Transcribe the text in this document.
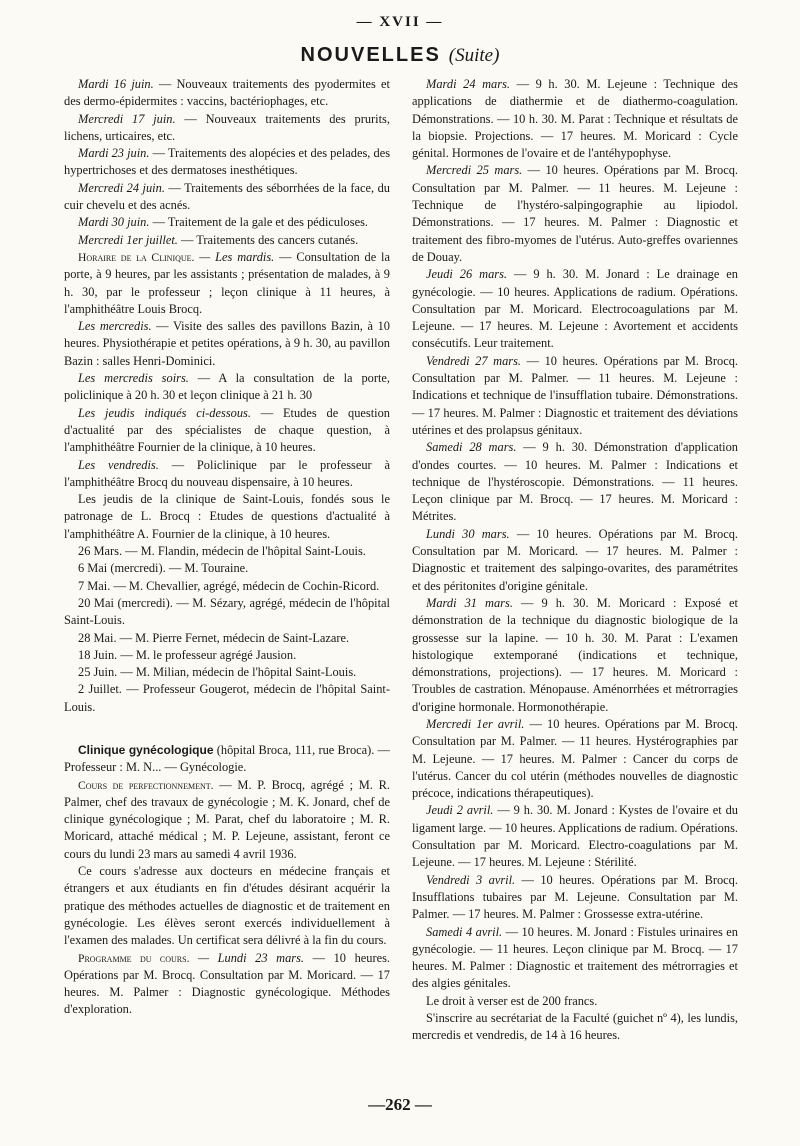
— XVII —
NOUVELLES (Suite)

Mardi 16 juin. — Nouveaux traitements des pyodermites et des dermo-épidermites : vaccins, bactériophages, etc.

Mercredi 17 juin. — Nouveaux traitements des prurits, lichens, urticaires, etc.

Mardi 23 juin. — Traitements des alopécies et des pelades, des hypertrichoses et des dermatoses inesthétiques.

Mercredi 24 juin. — Traitements des séborrhées de la face, du cuir chevelu et des acnés.

Mardi 30 juin. — Traitement de la gale et des pédiculoses.

Mercredi 1er juillet. — Traitements des cancers cutanés.

Horaire de la Clinique. — Les mardis. — Consultation de la porte, à 9 heures, par les assistants ; présentation de malades, à 9 h. 30, par le professeur ; leçon clinique à 11 heures, à l'amphithéâtre Louis Brocq.

Les mercredis. — Visite des salles des pavillons Bazin, à 10 heures. Physiothérapie et petites opérations, à 9 h. 30, au pavillon Bazin : salles Henri-Dominici.

Les mercredis soirs. — A la consultation de la porte, policlinique à 20 h. 30 et leçon clinique à 21 h. 30

Les jeudis indiqués ci-dessous. — Etudes de question d'actualité par des spécialistes de chaque question, à l'amphithéâtre Fournier de la clinique, à 10 heures.

Les vendredis. — Policlinique par le professeur à l'amphithéâtre Brocq du nouveau dispensaire, à 10 heures.

Les jeudis de la clinique de Saint-Louis, fondés sous le patronage de L. Brocq : Etudes de questions d'actualité à l'amphithéâtre A. Fournier de la clinique, à 10 heures.

26 Mars. — M. Flandin, médecin de l'hôpital Saint-Louis.

6 Mai (mercredi). — M. Touraine.

7 Mai. — M. Chevallier, agrégé, médecin de Cochin-Ricord.

20 Mai (mercredi). — M. Sézary, agrégé, médecin de l'hôpital Saint-Louis.

28 Mai. — M. Pierre Fernet, médecin de Saint-Lazare.

18 Juin. — M. le professeur agrégé Jausion.

25 Juin. — M. Milian, médecin de l'hôpital Saint-Louis.

2 Juillet. — Professeur Gougerot, médecin de l'hôpital Saint-Louis.

Clinique gynécologique (hôpital Broca, 111, rue Broca). — Professeur : M. N... — Gynécologie.

Cours de perfectionnement. — M. P. Brocq, agrégé ; M. R. Palmer, chef des travaux de gynécologie ; M. K. Jonard, chef de clinique gynécologique ; M. Parat, chef du laboratoire ; M. R. Moricard, attaché médical ; M. P. Lejeune, assistant, feront ce cours du lundi 23 mars au samedi 4 avril 1936.

Ce cours s'adresse aux docteurs en médecine français et étrangers et aux étudiants en fin d'études désirant acquérir la pratique des méthodes actuelles de diagnostic et de traitement en gynécologie. Les élèves seront exercés individuellement à l'examen des malades. Un certificat sera délivré à la fin du cours.

Programme du cours. — Lundi 23 mars. — 10 heures. Opérations par M. Brocq. Consultation par M. Moricard. — 17 heures. M. Palmer : Diagnostic gynécologique. Méthodes d'exploration.

Mardi 24 mars. — 9 h. 30. M. Lejeune : Technique des applications de diathermie et de diathermo-coagulation. Démonstrations. — 10 h. 30. M. Parat : Technique et résultats de la biopsie. Projections. — 17 heures. M. Moricard : Cycle génital. Hormones de l'ovaire et de l'antéhypophyse.

Mercredi 25 mars. — 10 heures. Opérations par M. Brocq. Consultation par M. Palmer. — 11 heures. M. Lejeune : Technique de l'hystéro-salpingographie au lipiodol. Démonstrations. — 17 heures. M. Palmer : Diagnostic et traitement des fibro-myomes de l'utérus. Auto-greffes ovariennes de Douay.

Jeudi 26 mars. — 9 h. 30. M. Jonard : Le drainage en gynécologie. — 10 heures. Applications de radium. Opérations. Consultation par M. Moricard. Electrocoagulations par M. Lejeune. — 17 heures. M. Lejeune : Avortement et accidents consécutifs. Leur traitement.

Vendredi 27 mars. — 10 heures. Opérations par M. Brocq. Consultation par M. Palmer. — 11 heures. M. Lejeune : Indications et technique de l'insufflation tubaire. Démonstrations. — 17 heures. M. Palmer : Diagnostic et traitement des déviations utérines et des prolapsus génitaux.

Samedi 28 mars. — 9 h. 30. Démonstration d'application d'ondes courtes. — 10 heures. M. Palmer : Indications et technique de l'hystéroscopie. Démonstrations. — 11 heures. Leçon clinique par M. Brocq. — 17 heures. M. Moricard : Métrites.

Lundi 30 mars. — 10 heures. Opérations par M. Brocq. Consultation par M. Moricard. — 17 heures. M. Palmer : Diagnostic et traitement des salpingo-ovarites, des paramétrites et des péritonites d'origine génitale.

Mardi 31 mars. — 9 h. 30. M. Moricard : Exposé et démonstration de la technique du diagnostic biologique de la grossesse sur la lapine. — 10 h. 30. M. Parat : L'examen histologique extemporané (indications et technique, démonstrations, projections). — 17 heures. M. Moricard : Troubles de castration. Ménopause. Aménorrhées et métrorragies d'origine hormonale. Hormonothérapie.

Mercredi 1er avril. — 10 heures. Opérations par M. Brocq. Consultation par M. Palmer. — 11 heures. Hystérographies par M. Lejeune. — 17 heures. M. Palmer : Cancer du corps de l'utérus. Cancer du col utérin (méthodes nouvelles de diagnostic précoce, indications thérapeutiques).

Jeudi 2 avril. — 9 h. 30. M. Jonard : Kystes de l'ovaire et du ligament large. — 10 heures. Applications de radium. Opérations. Consultation par M. Moricard. Electro-coagulations par M. Lejeune. — 17 heures. M. Lejeune : Stérilité.

Vendredi 3 avril. — 10 heures. Opérations par M. Brocq. Insufflations tubaires par M. Lejeune. Consultation par M. Palmer. — 17 heures. M. Palmer : Grossesse extra-utérine.

Samedi 4 avril. — 10 heures. M. Jonard : Fistules urinaires en gynécologie. — 11 heures. Leçon clinique par M. Brocq. — 17 heures. M. Palmer : Diagnostic et traitement des métrorragies et des algies génitales.

Le droit à verser est de 200 francs.

S'inscrire au secrétariat de la Faculté (guichet nº 4), les lundis, mercredis et vendredis, de 14 à 16 heures.

—262 —
